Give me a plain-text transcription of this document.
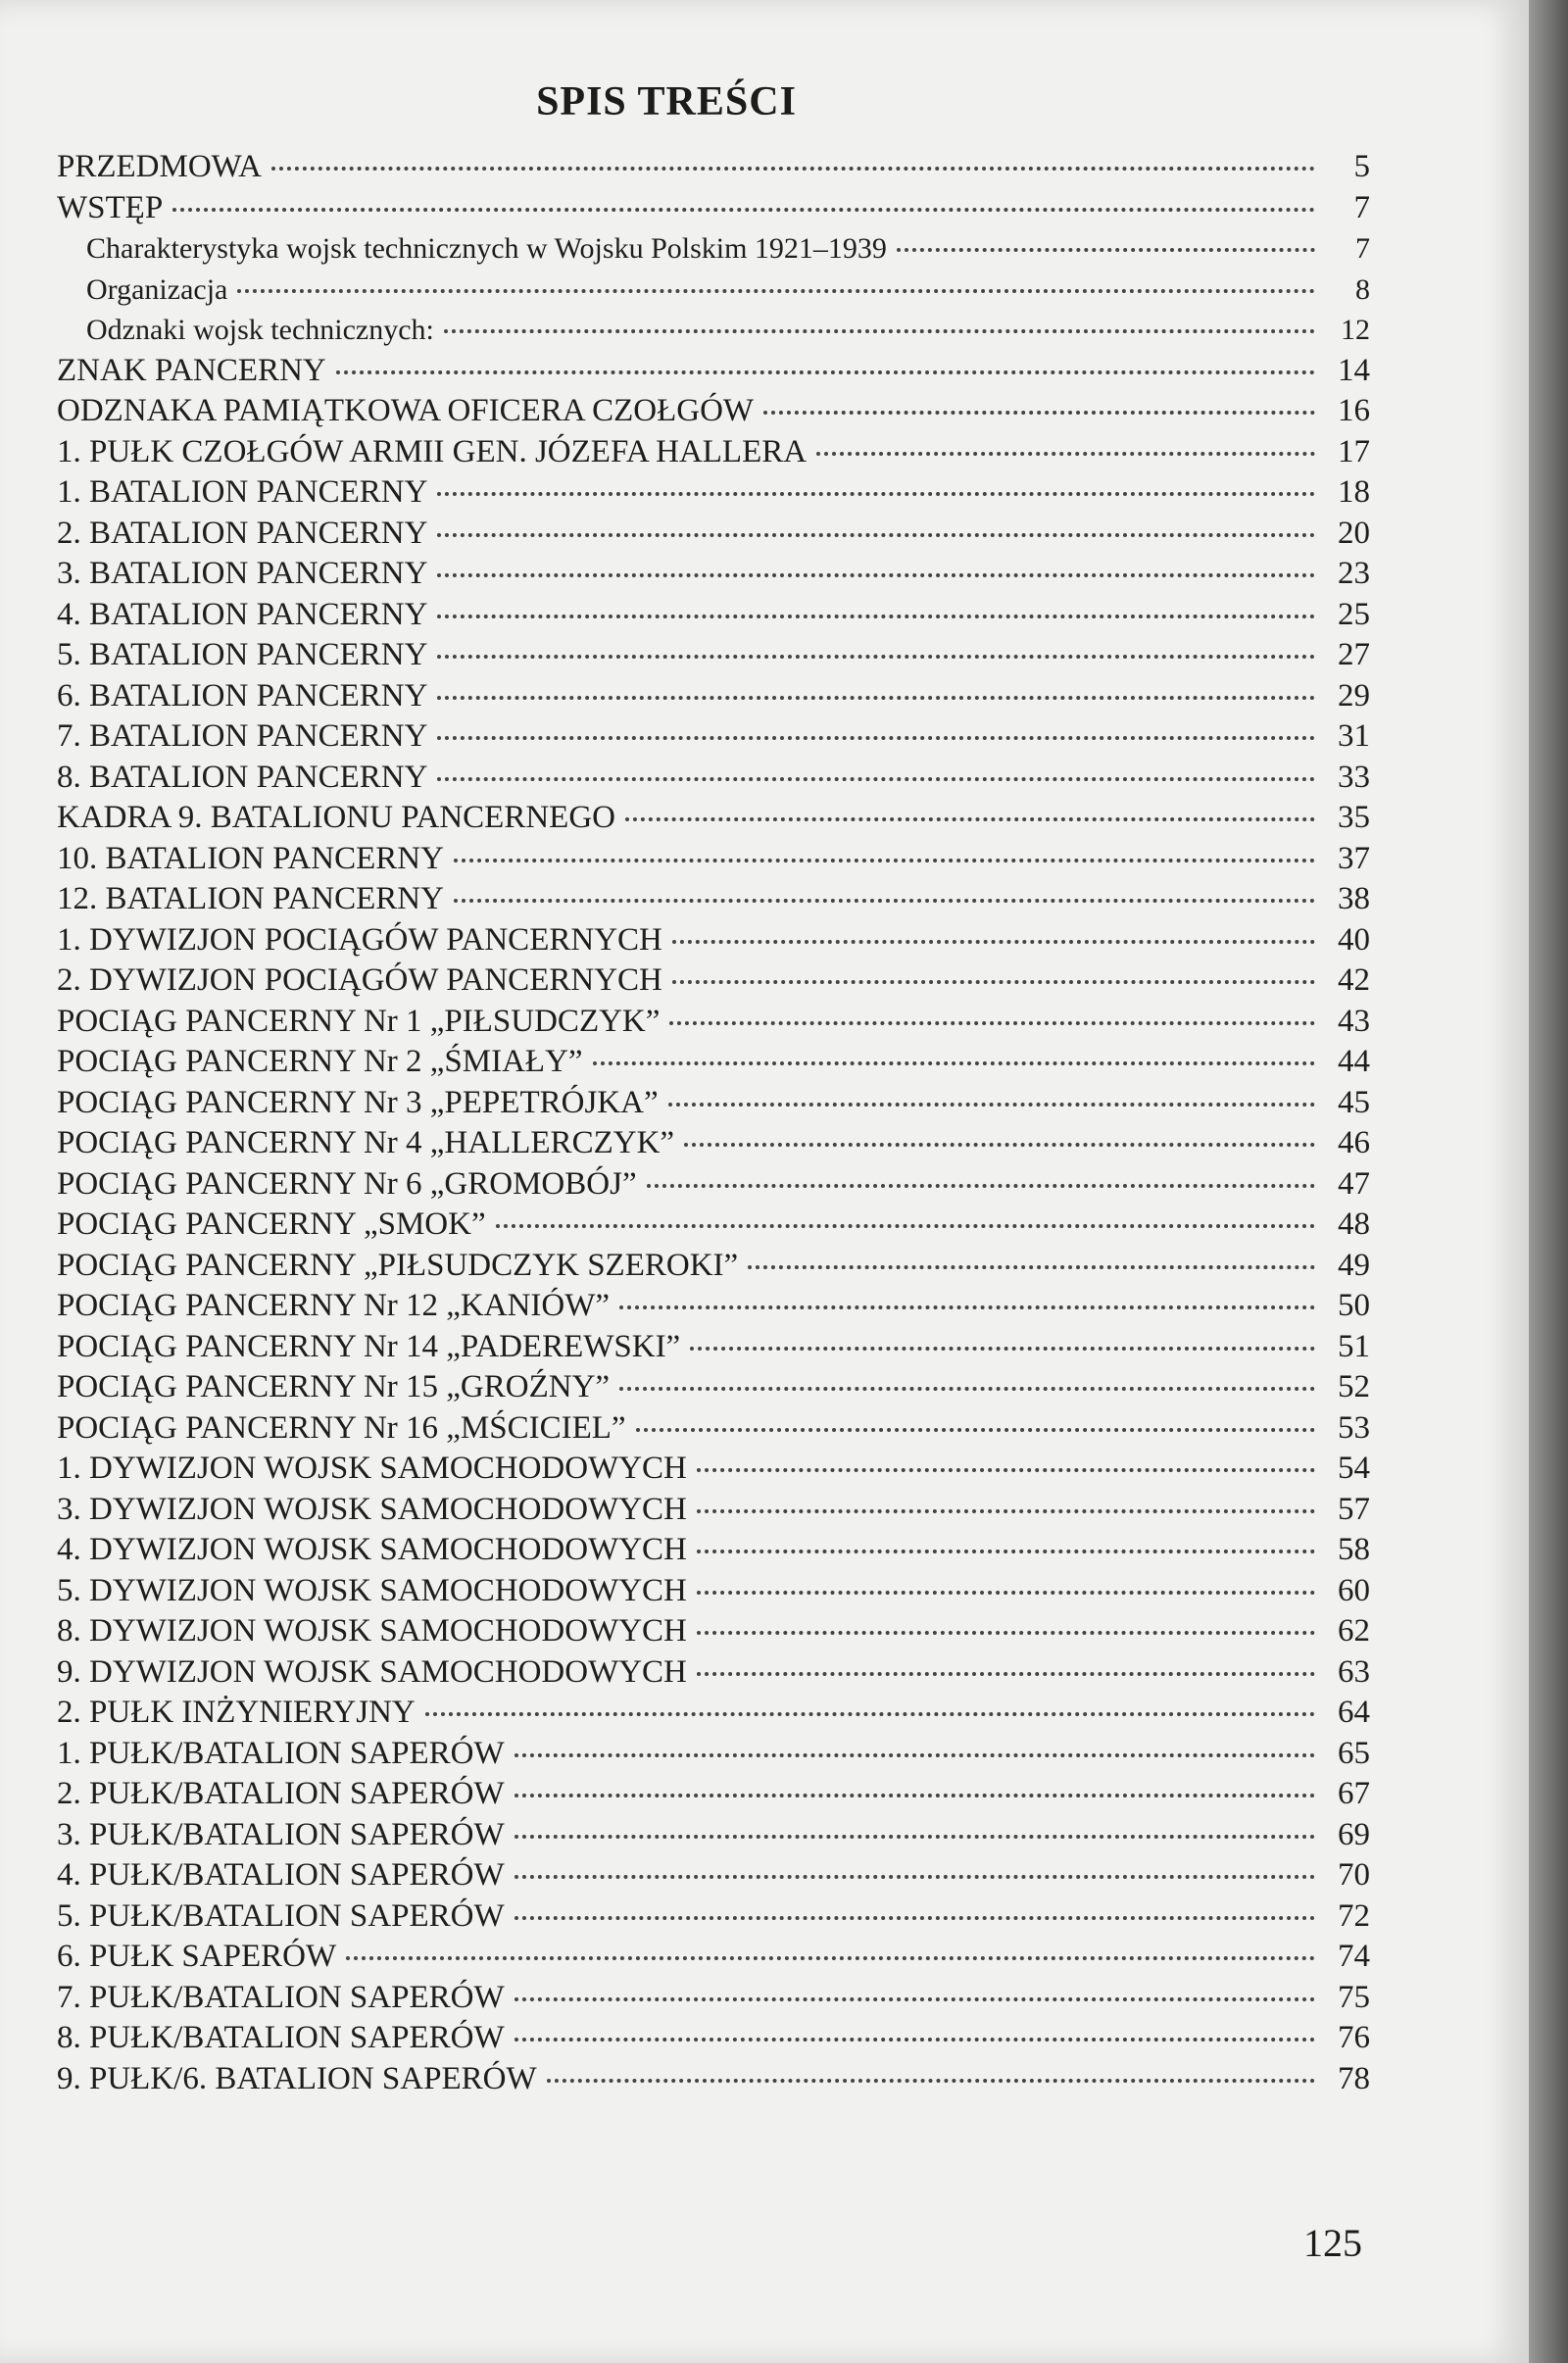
SPIS TREŚCI
PRZEDMOWA	5
WSTĘP	7
Charakterystyka wojsk technicznych w Wojsku Polskim 1921–1939	7
Organizacja	8
Odznaki wojsk technicznych:	12
ZNAK PANCERNY	14
ODZNAKA PAMIĄTKOWA OFICERA CZOŁGÓW	16
1. PUŁK CZOŁGÓW ARMII GEN. JÓZEFA HALLERA	17
1. BATALION PANCERNY	18
2. BATALION PANCERNY	20
3. BATALION PANCERNY	23
4. BATALION PANCERNY	25
5. BATALION PANCERNY	27
6. BATALION PANCERNY	29
7. BATALION PANCERNY	31
8. BATALION PANCERNY	33
KADRA 9. BATALIONU PANCERNEGO	35
10. BATALION PANCERNY	37
12. BATALION PANCERNY	38
1. DYWIZJON POCIĄGÓW PANCERNYCH	40
2. DYWIZJON POCIĄGÓW PANCERNYCH	42
POCIĄG PANCERNY Nr 1 „PIŁSUDCZYK”	43
POCIĄG PANCERNY Nr 2 „ŚMIAŁY”	44
POCIĄG PANCERNY Nr 3 „PEPETRÓJKA”	45
POCIĄG PANCERNY Nr 4 „HALLERCZYK”	46
POCIĄG PANCERNY Nr 6 „GROMOBÓJ”	47
POCIĄG PANCERNY „SMOK”	48
POCIĄG PANCERNY „PIŁSUDCZYK SZEROKI”	49
POCIĄG PANCERNY Nr 12 „KANIÓW”	50
POCIĄG PANCERNY Nr 14 „PADEREWSKI”	51
POCIĄG PANCERNY Nr 15 „GROŹNY”	52
POCIĄG PANCERNY Nr 16 „MŚCICIEL”	53
1. DYWIZJON WOJSK SAMOCHODOWYCH	54
3. DYWIZJON WOJSK SAMOCHODOWYCH	57
4. DYWIZJON WOJSK SAMOCHODOWYCH	58
5. DYWIZJON WOJSK SAMOCHODOWYCH	60
8. DYWIZJON WOJSK SAMOCHODOWYCH	62
9. DYWIZJON WOJSK SAMOCHODOWYCH	63
2. PUŁK INŻYNIERYJNY	64
1. PUŁK/BATALION SAPERÓW	65
2. PUŁK/BATALION SAPERÓW	67
3. PUŁK/BATALION SAPERÓW	69
4. PUŁK/BATALION SAPERÓW	70
5. PUŁK/BATALION SAPERÓW	72
6. PUŁK SAPERÓW	74
7. PUŁK/BATALION SAPERÓW	75
8. PUŁK/BATALION SAPERÓW	76
9. PUŁK/6. BATALION SAPERÓW	78
125
